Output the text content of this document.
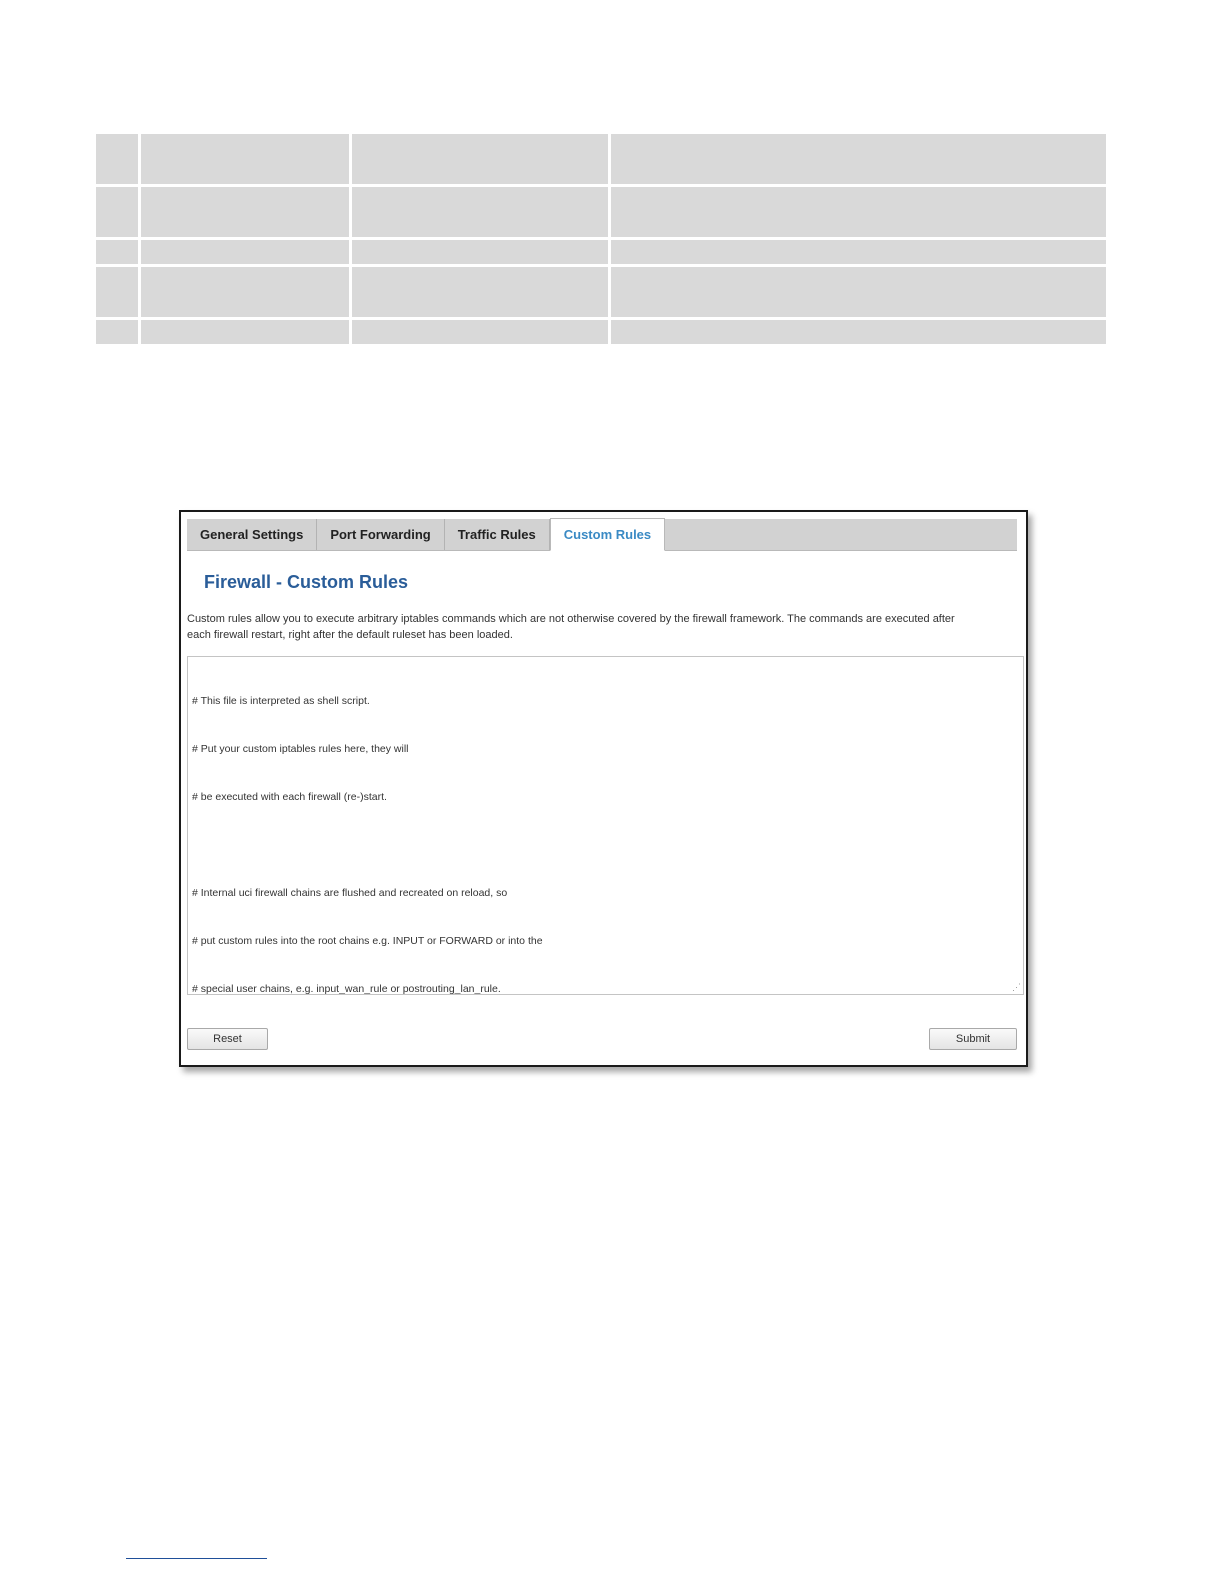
General Settings	Port Forwarding	Traffic Rules	Custom Rules
Firewall - Custom Rules

Custom rules allow you to execute arbitrary iptables commands which are not otherwise covered by the firewall framework. The commands are executed after
each firewall restart, right after the default ruleset has been loaded.

# This file is interpreted as shell script.

# Put your custom iptables rules here, they will

# be executed with each firewall (re-)start.

# Internal uci firewall chains are flushed and recreated on reload, so

# put custom rules into the root chains e.g. INPUT or FORWARD or into the

# special user chains, e.g. input_wan_rule or postrouting_lan_rule.

	⋰

Reset	Submit
